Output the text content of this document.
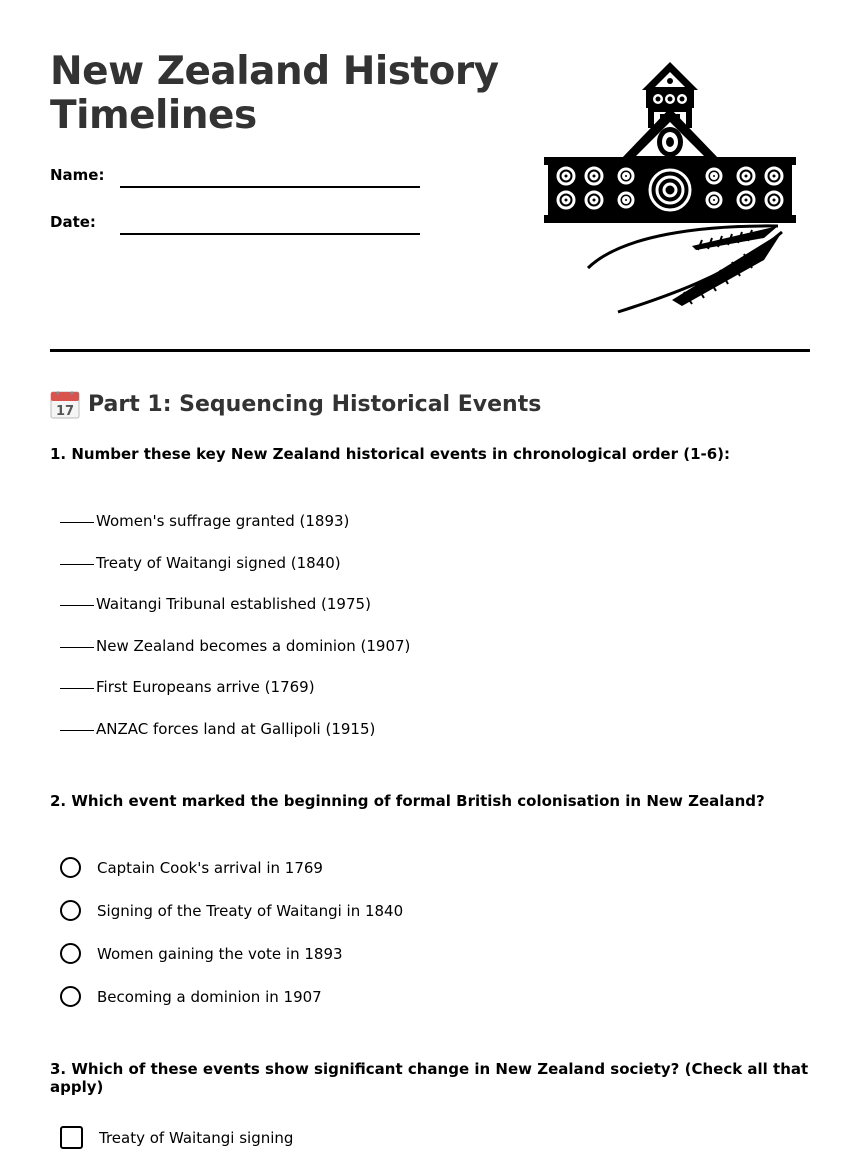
New Zealand History
Timelines
Name:
Date:
17 Part 1: Sequencing Historical Events
1. Number these key New Zealand historical events in chronological order (1-6):
Women's suffrage granted (1893)
Treaty of Waitangi signed (1840)
Waitangi Tribunal established (1975)
New Zealand becomes a dominion (1907)
First Europeans arrive (1769)
ANZAC forces land at Gallipoli (1915)
2. Which event marked the beginning of formal British colonisation in New Zealand?
Captain Cook's arrival in 1769
Signing of the Treaty of Waitangi in 1840
Women gaining the vote in 1893
Becoming a dominion in 1907
3. Which of these events show significant change in New Zealand society? (Check all that apply)
Treaty of Waitangi signing
